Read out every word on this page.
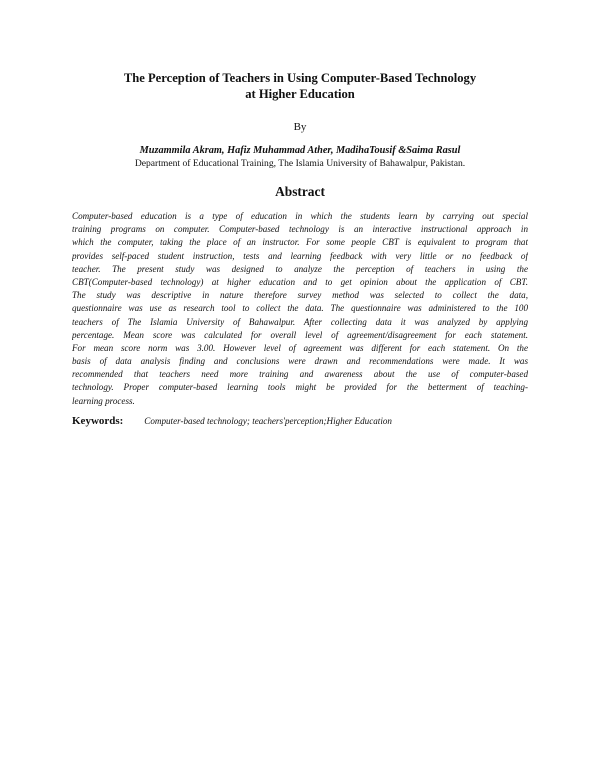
The Perception of Teachers in Using Computer-Based Technology
at Higher Education
By
Muzammila Akram, Hafiz Muhammad Ather, MadihaTousif &Saima Rasul
Department of Educational Training, The Islamia University of Bahawalpur, Pakistan.
Abstract
Computer-based education is a type of education in which the students learn by carrying out special
training programs on computer. Computer-based technology is an interactive instructional approach in
which the computer, taking the place of an instructor. For some people CBT is equivalent to program that
provides self-paced student instruction, tests and learning feedback with very little or no feedback of
teacher. The present study was designed to analyze the perception of teachers in using the
CBT(Computer-based technology) at higher education and to get opinion about the application of CBT.
The study was descriptive in nature therefore survey method was selected to collect the data,
questionnaire was use as research tool to collect the data. The questionnaire was administered to the 100
teachers of The Islamia University of Bahawalpur. After collecting data it was analyzed by applying
percentage. Mean score was calculated for overall level of agreement/disagreement for each statement.
For mean score norm was 3.00. However level of agreement was different for each statement. On the
basis of data analysis finding and conclusions were drawn and recommendations were made. It was
recommended that teachers need more training and awareness about the use of computer-based
technology. Proper computer-based learning tools might be provided for the betterment of teaching-
learning process.
Keywords: Computer-based technology; teachers'perception;Higher Education
